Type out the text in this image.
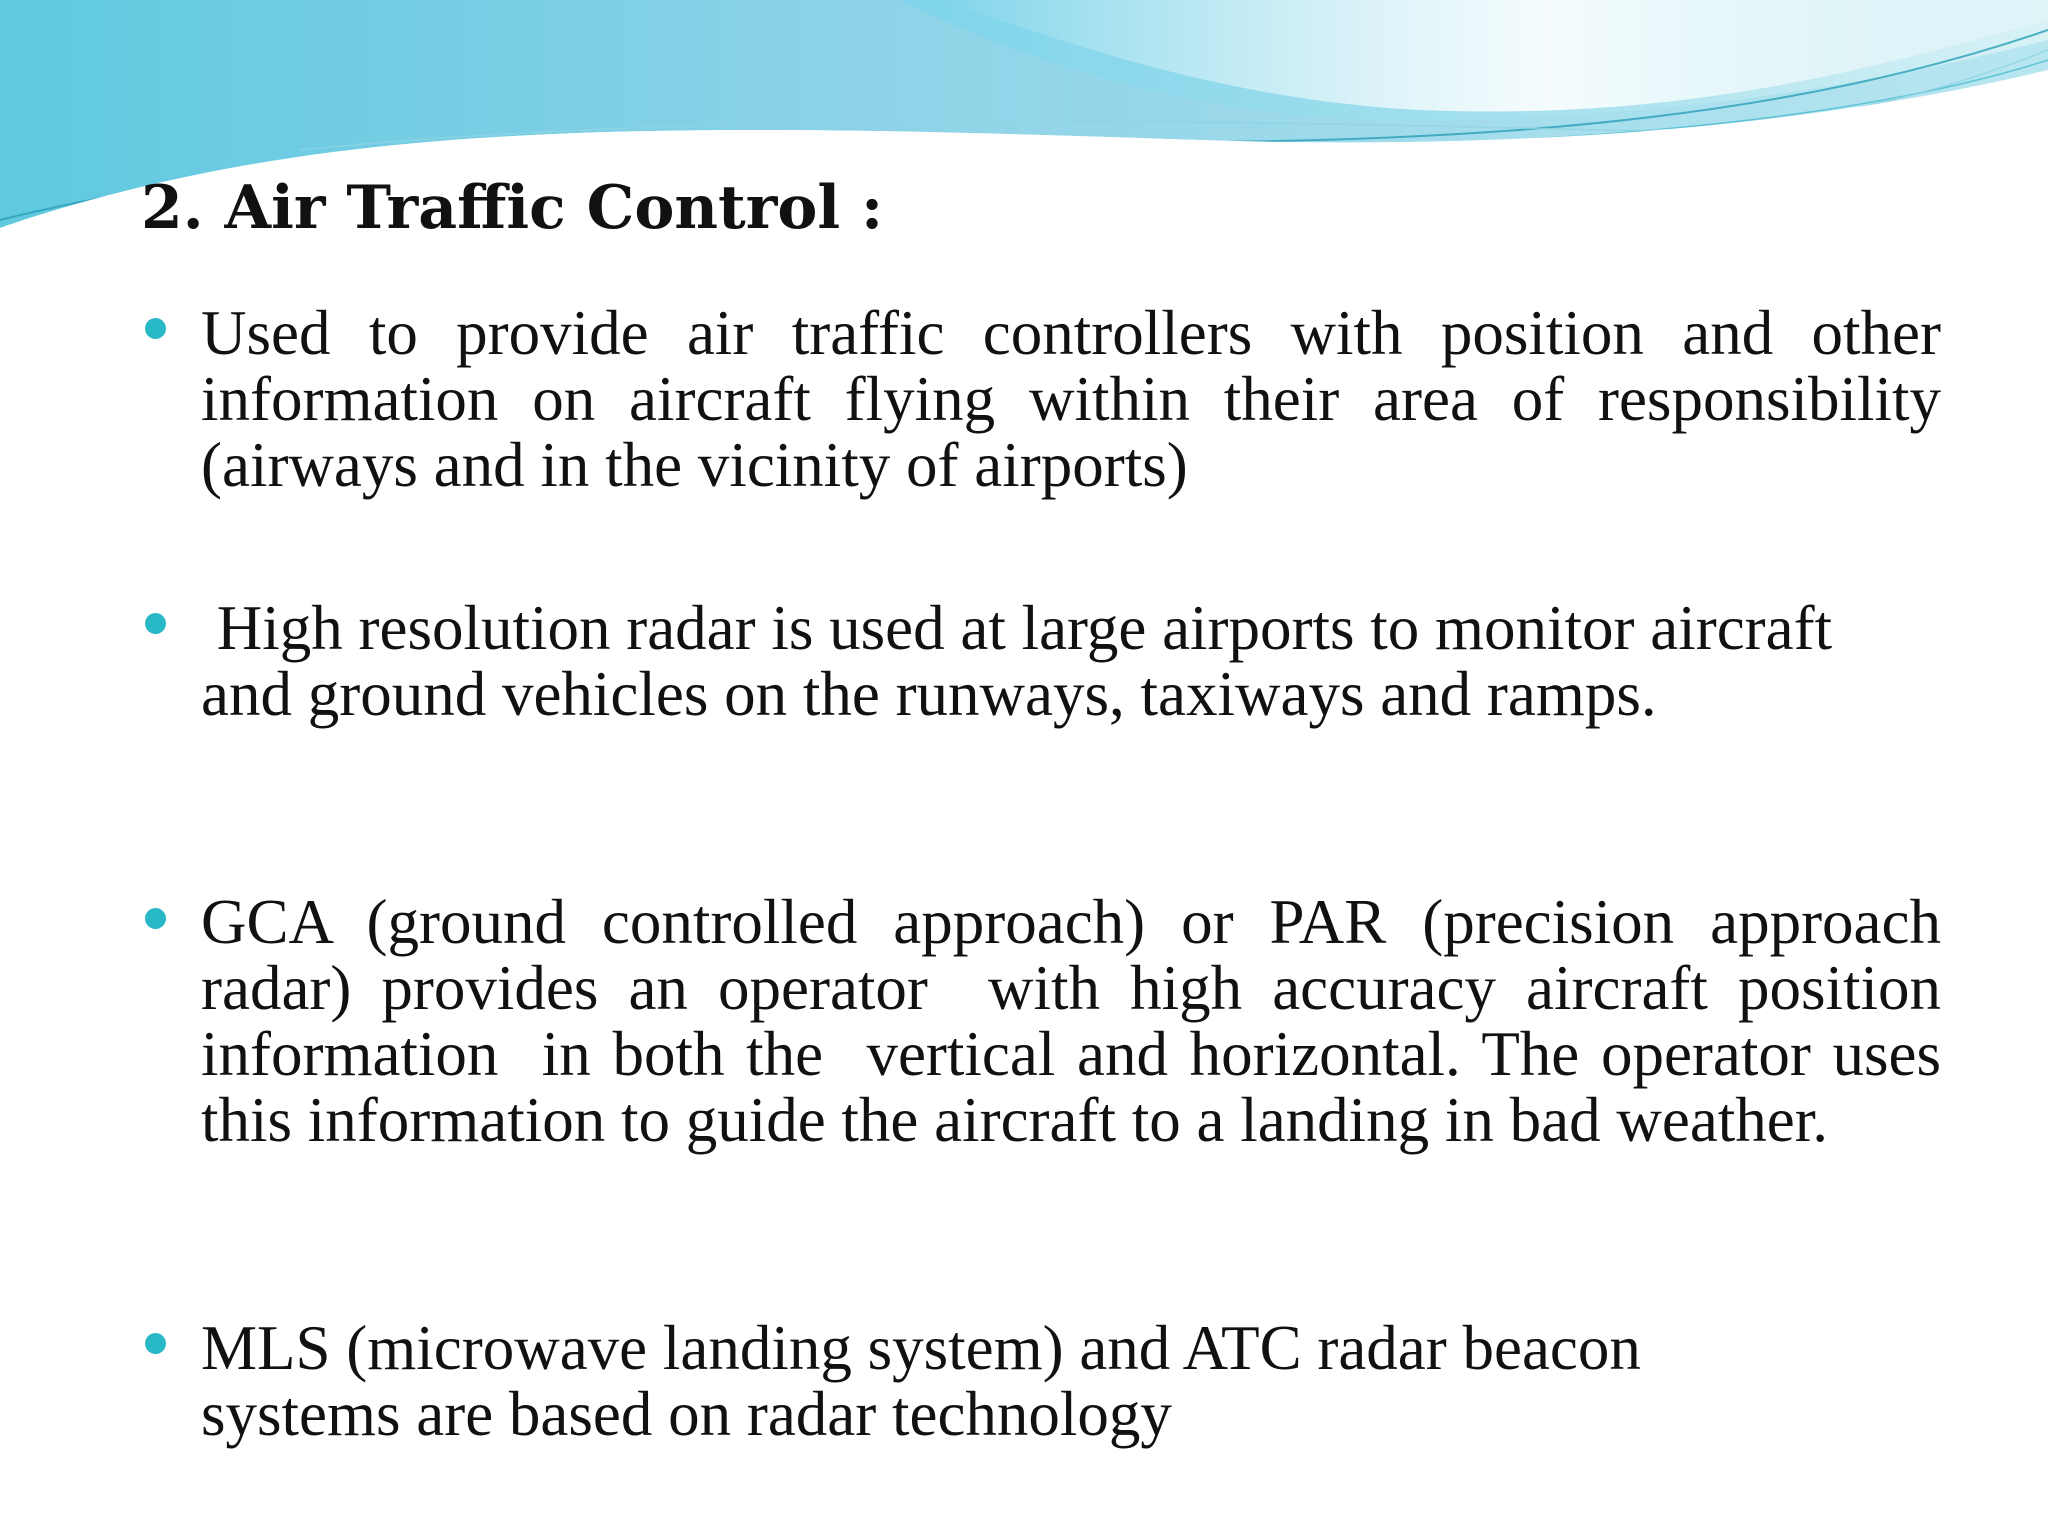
2. Air Traffic Control :

Used to provide air traffic controllers with position and other information on aircraft flying within their area of responsibility (airways and in the vicinity of airports)

High resolution radar is used at large airports to monitor aircraft and ground vehicles on the runways, taxiways and ramps.

GCA (ground controlled approach) or PAR (precision approach radar) provides an operator  with high accuracy aircraft position  information  in both the  vertical and horizontal. The operator uses this information to guide the aircraft to a landing in bad weather.

MLS (microwave landing system) and ATC radar beacon systems are based on radar technology
